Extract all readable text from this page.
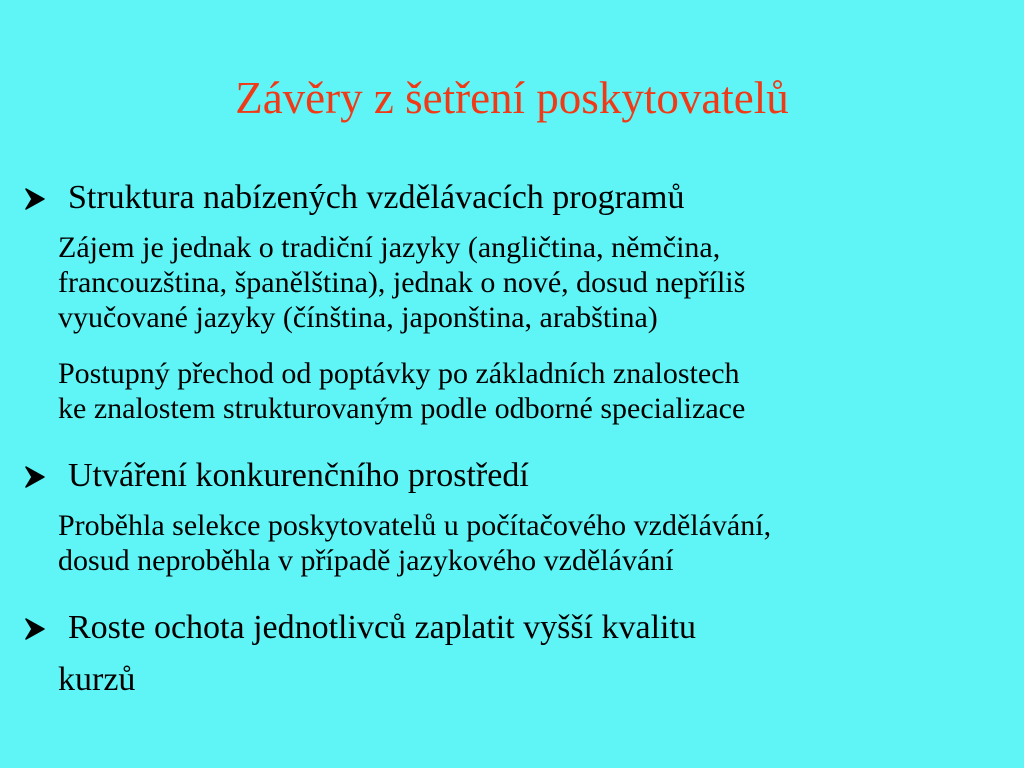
Závěry z šetření poskytovatelů
Struktura nabízených vzdělávacích programů
Zájem je jednak o tradiční jazyky (angličtina, němčina,
francouzština, španělština), jednak o nové, dosud nepříliš
vyučované jazyky (čínština, japonština, arabština)
Postupný přechod od poptávky po základních znalostech
ke znalostem strukturovaným podle odborné specializace
Utváření konkurenčního prostředí
Proběhla selekce poskytovatelů u počítačového vzdělávání,
dosud neproběhla v případě jazykového vzdělávání
Roste ochota jednotlivců zaplatit vyšší kvalitu
kurzů
